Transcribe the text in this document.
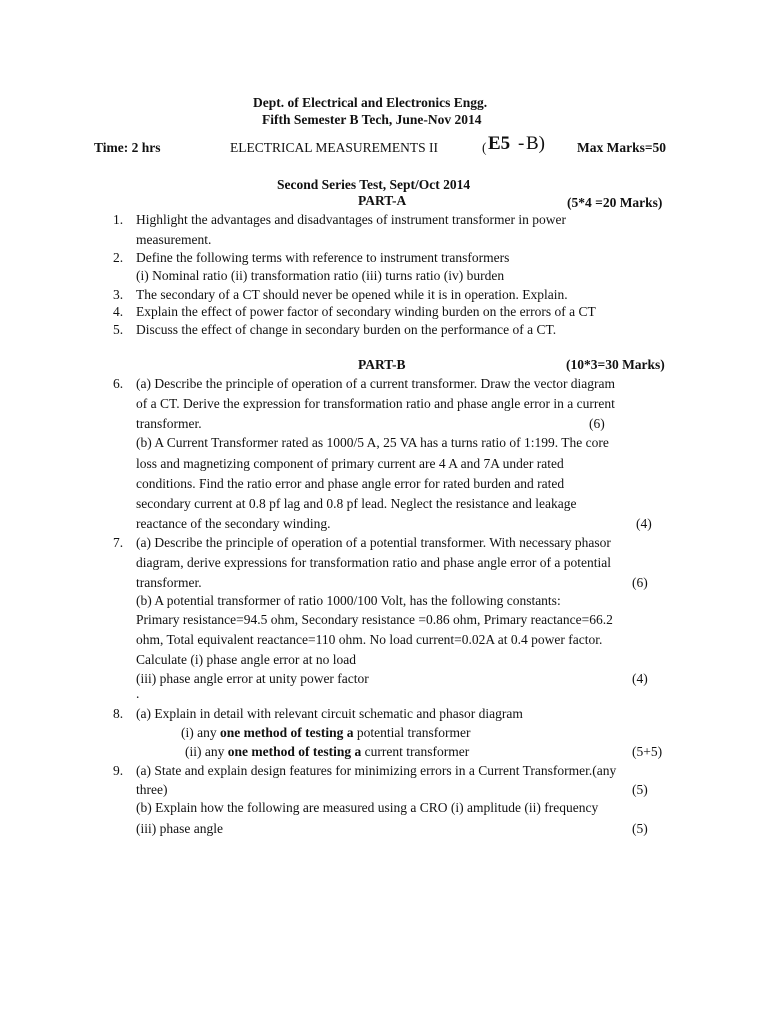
Dept. of Electrical and Electronics Engg.
Fifth Semester B Tech, June-Nov 2014
Time: 2 hrs	ELECTRICAL MEASUREMENTS II	( E5 - B) Max Marks=50
Second Series Test, Sept/Oct 2014
PART-A	(5*4 =20 Marks)
1. Highlight the advantages and disadvantages of instrument transformer in power
measurement.
2. Define the following terms with reference to instrument transformers
(i) Nominal ratio (ii) transformation ratio (iii) turns ratio (iv) burden
3. The secondary of a CT should never be opened while it is in operation. Explain.
4. Explain the effect of power factor of secondary winding burden on the errors of a CT
5. Discuss the effect of change in secondary burden on the performance of a CT.
PART-B	(10*3=30 Marks)
6. (a) Describe the principle of operation of a current transformer. Draw the vector diagram
of a CT. Derive the expression for transformation ratio and phase angle error in a current
transformer.	(6)
(b) A Current Transformer rated as 1000/5 A, 25 VA has a turns ratio of 1:199. The core
loss and magnetizing component of primary current are 4 A and 7A under rated
conditions. Find the ratio error and phase angle error for rated burden and rated
secondary current at 0.8 pf lag and 0.8 pf lead. Neglect the resistance and leakage
reactance of the secondary winding.	(4)
7. (a) Describe the principle of operation of a potential transformer. With necessary phasor
diagram, derive expressions for transformation ratio and phase angle error of a potential
transformer.	(6)
(b) A potential transformer of ratio 1000/100 Volt, has the following constants:
Primary resistance=94.5 ohm, Secondary resistance =0.86 ohm, Primary reactance=66.2
ohm, Total equivalent reactance=110 ohm. No load current=0.02A at 0.4 power factor.
Calculate (i) phase angle error at no load
(iii) phase angle error at unity power factor	(4)
.
8. (a) Explain in detail with relevant circuit schematic and phasor diagram
(i) any one method of testing a potential transformer
(ii) any one method of testing a current transformer	(5+5)
9. (a) State and explain design features for minimizing errors in a Current Transformer.(any
three)	(5)
(b) Explain how the following are measured using a CRO (i) amplitude (ii) frequency
(iii) phase angle	(5)
